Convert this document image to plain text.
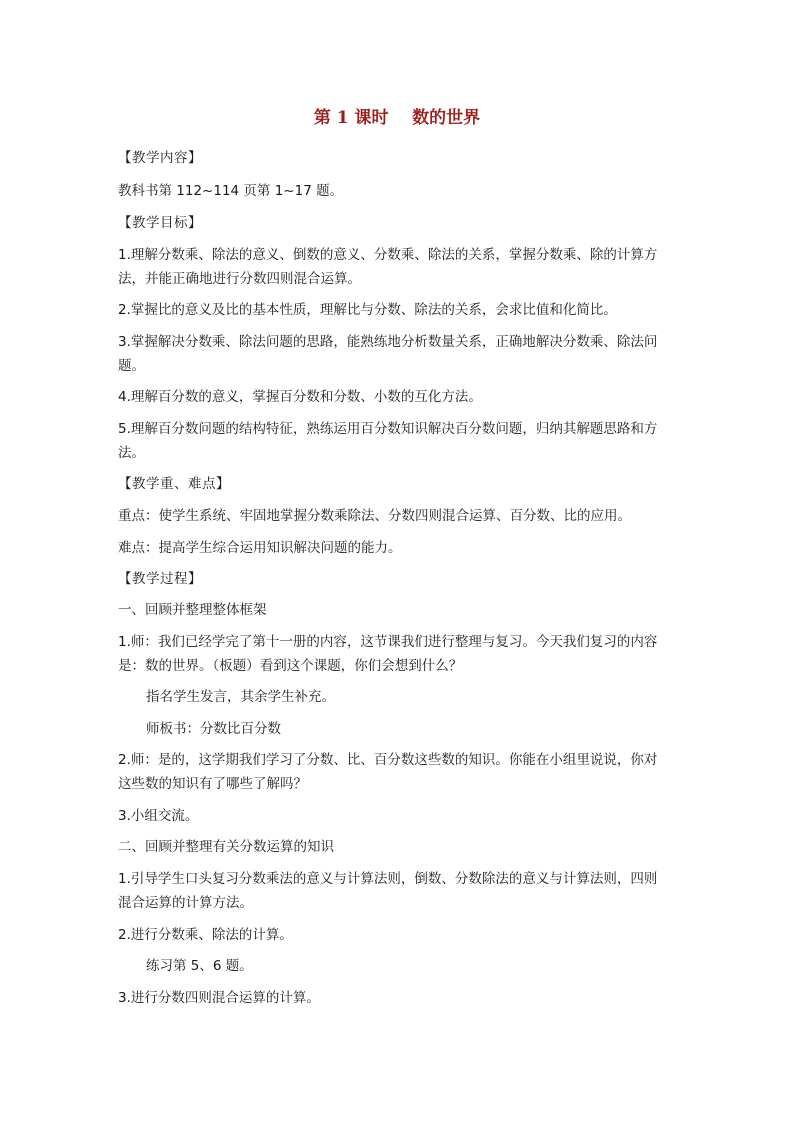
第 1 课时    数的世界
【教学内容】
教科书第 112~114 页第 1~17 题。
【教学目标】
1.理解分数乘、除法的意义、倒数的意义、分数乘、除法的关系，掌握分数乘、除的计算方
法，并能正确地进行分数四则混合运算。
2.掌握比的意义及比的基本性质，理解比与分数、除法的关系，会求比值和化简比。
3.掌握解决分数乘、除法问题的思路，能熟练地分析数量关系，正确地解决分数乘、除法问
题。
4.理解百分数的意义，掌握百分数和分数、小数的互化方法。
5.理解百分数问题的结构特征，熟练运用百分数知识解决百分数问题，归纳其解题思路和方
法。
【教学重、难点】
重点：使学生系统、牢固地掌握分数乘除法、分数四则混合运算、百分数、比的应用。
难点：提高学生综合运用知识解决问题的能力。
【教学过程】
一、回顾并整理整体框架
1.师：我们已经学完了第十一册的内容，这节课我们进行整理与复习。今天我们复习的内容
是：数的世界。（板题）看到这个课题，你们会想到什么？
指名学生发言，其余学生补充。
师板书：分数比百分数
2.师：是的，这学期我们学习了分数、比、百分数这些数的知识。你能在小组里说说，你对
这些数的知识有了哪些了解吗？
3.小组交流。
二、回顾并整理有关分数运算的知识
1.引导学生口头复习分数乘法的意义与计算法则，倒数、分数除法的意义与计算法则，四则
混合运算的计算方法。
2.进行分数乘、除法的计算。
练习第 5、6 题。
3.进行分数四则混合运算的计算。
